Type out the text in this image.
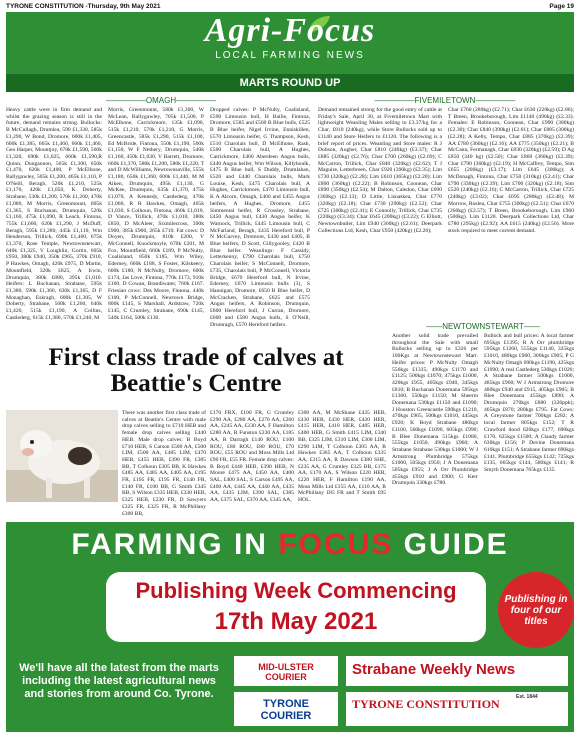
TYRONE CONSTITUTION -Thursday, 9th May 2021	Page 19
Agri-Focus
LOCAL FARMING NEWS
MARTS ROUND UP
—————OMAGH—————
Heavy cattle were in firm demand and whilst the grazing season is still in the future, demand remains strong. Bullocks: B McCullagh, Drumlea, 590 £1,330, 585k £1,290, W Bond, Dromore, 600k £1,405, 600k £1,385, 665k £1,460, 660k £1,460, Geo Harper, Mountjoy, 670k £1,590, 560k £1,320, 690k £1,625, 660k £1,590,R Quinn, Dungannon, 565k £1,300, 650k £1,470, 620k £1,400, P McElhone, Ballygawley, 505k £1,200, 465k £1,110, P O'Neill, Beragh, 520k £1,210, 525k £1,170, 420k £1,050, K Doherty, Strabane, 530k £1,200, 570k £1,260, 470k £1,080, M Morris, Greenmount, 605k £1,365, S Buchanan, Drumquin, 520k £1,160, 475k £1,090, R Leach, Fintona, 755k £1,660, 620k £1,290, J McDuff, Beragh, 595k £1,280, 445k £1,110, Wm Henderson, Trillick, 690k £1,460, 675k £1,370, Rose Temple, Newtownstewart, 640k £1,325, V Loughlin, Gortin, 605k £950, 380k £940, 350k £965, 370k £910, P Hawkes, Omagh, 420k £975, D Martin, Mountfield, 320k £825, A Irwin, Drumquin, 380k £880, 395k £1,010. Heifers: L Buchanan, Strabane, 595k £1,380, 590k £1,360, 630k £1,365, D F Monaghan, Eskragh, 600k £1,305, W Doherty, Strabane, 560k £1,260, 640k £1,420, 515k £1,190, A Collins, Castlederg, 615k £1,380, 570k £1,240, M
Morris, Greenmount, 580k £1,300, W McLean, Ballygawley, 705k £1,500, P McElhone, Carrickmore, 135k £1,090, 515k £1,210, 570k £1,210, G Morris, Greencastle, 585k £1,290, 515k £1,100, Ed McBride, Fintona, 550k £1,190, 500k £1,150, W F Nethery, Drumquin, 540k £1,160, 450k £1,030, V Barrett, Dromore, 660k £1,370, 580k £1,200, 580k £1,220, T and D McWilliams, Newtownsaville, 555k £1,180, 650k £1,360, 600k £1,440, M M Aiken, Drumquin, 495k £1,130, G McKee, Drumquin, 635k £1,370, 475k £1,070, A Kennedy, Castlederg, 470k £1,060, R R Hawkes, Omagh, 465k £1,030, S Colhoun, Fintona, 460k £1,010, D Vance, Trillick, 470k £1,010, 380k £850, D McAleer, Sixmilecross, 390k £900, 385k £900, 265k £710. Fat cows: D Doyen, Drumquin, 810k £200, V McConnell, Knockmoyle, 670k £201, M Fox, Mountfield, 660k £189, P McNulty, Coalisland, 850k £185, Wm Wiley, Ederney, 660k £188, S Foster, Kilskeery, 600k £180, N McNulty, Dromore, 600k £174, Jas Love, Fintona, 770k £173, 910k £160, D Cowan, Brandiwater, 760k £167. Friesian cows: Des Moore, Fintona, 440k £100, P McConnell, Newtown Bridge, 800k £145, S Marshall, Ardstraw, 720k £145, C Crumley, Strabane, 690k £145, 540k £164, 500k £130.
Dropped calves: P McNulty, Coalisland, £590 Limousin bull, H Bailie, Fintona, Dromore, £585 and £560 B Blue bulls, £525 B Blue heifer, Nigel Irvine, Enniskillen, £570 Limousin heifer, G Thompson, Kesh, £510 Charolais bull, D McElhone, Rash, £500 Charolais bull, A Hughes, Carrickmore, £460 Aberdeen Angus bulls, £440 Angus heifer, Wm Wilson, Killyhoulk, £475 B Blue bull, S Duddy, Drumlahan, £520 and £440 Charolais bulls, Mark Louise, Kesh, £475 Charolais bull, A Hughes, Carrickmore, £470 Limousin bull, K A Alcorn, Omagh, £460 and £455 Angus heifers, A Hughes, Dromore, £455 Simmental heifer, R Crossley, Strabane, £450 Angus bull, £430 Angus heifer, K Warnock, Trillick, £445 Limousin bull, C McFarland, Beragh, £435 Hereford bull, P N McGarvey, Dromore, £430 and £405, B Blue heifers, D Scott, Gillygooley, £420 B Blue heifer. Weanlings: F Cassidy, Letterkenny, £790 Charolais bull, £750 Charolais heifer, S McConnell, Dromore, £735, Charolais bull, P McConnell, Victoria Bridge, £670 Hereford bull, N Irvine, Ederney, £670 Limousin bulls (3), S Hannigan, Dromore, £650 B Blue heifer, D McCracken, Strabane, £625 and £575 Angus heifers, A Robinson, Drumquin, £600 Hereford bull, J Curran, Dromore, £600 and £580 Angus bulls, S O'Neill, Drumragh, £570 Hereford heifers.
—————FIVEMILETOWN—————
Demand remained strong for the good entry of cattle at Friday's Sale, April 30, at Fivemiletown Mart with lightweight Weanling Males selling to £3.37/kg for a Char, £810 (240kg), while Store Bullocks sold up to £1140 and Store Heifers to £1120. The following is a brief report of prices. Weanling and Store males: R J Dobson, Augher, Char £810 (240kg) (£3.37); Char £885 (320kg) (£2.76); Char £700 (260kg) (£2.69); C McCarron, Trillick, Char £840 (320kg) (£2.62); T J Maguire, Letterbreen, Char £920 (390kg) (£2.35); Lim £730 (320kg) (£2.28); Lim £610 (365kg) (£2.20); Lim £800 (360kg) (£2.22); B Robinson, Coonean, Char £890 (350kg) (£2.54); M Dalton, Caledon, Char £690 (360kg) (£2.13); D Little, Lisnaskea, Char £770 (320kg) (£2.18); Char £730 (290kg) (£2.52); Char £725 (300kg) (£2.41); E Connolly, Trillick, Char £735 (220kg) (£3.34); Char £645 (200kg) (£3.22); G Elliott, Newtownbutler, Lim £940 (360kg) (£2.61); Deerpark Collections Ltd, Kesh, Char £950 (420kg) (£2.26);
Char £760 (280kg) (£2.71); Char £630 (220kg) (£2.86); T Breen, Brookeborough, Lim £1140 (490kg) (£2.33). Females: E Robinson, Coonean, Char £990 (380kg) (£2.30); Char £840 (390kg) (£2.61); Char £885 (300kg) (£2.28); A Kelly, Tempo, Char £885 (370kg) (£2.39); AA £780 (360kg) (£2.16); AA £775 (350kg) (£2.21); B McCann, Fermanagh, Char £830 (320kg) (£2.59); D Ag £850 (340 kg) (£2.50); Char £860 (360kg) (£2.39); Char £790 (360kg) (£2.19); H McCaffrey, Tempo, Sim £655 (200kg) (£3.17); Lim £645 (300kg); A McDonagh, Fintona, Char £750 (310kg) (£2.41); Char £790 (330kg) (£2.39); Lim £700 (320kg) (£2.18); Sim £520 (240kg) (£2.16); C McCarron, Trillick, Char £725 (240kg) (£3.02); Char £695 (280kg) (£2.48); M Morrow, Roslea, Char £755 (300kg) (£2.51); Char £670 (260kg) (£2.57); T Breen, Brookeborough, Lim £960 (500kg). Lim £1120. Deerpark Collections Ltd, Char £780 (295kg) (£2.92); AA £615 (240kg) (£2.56). More stock required to meet current demand.
——NEWTOWNSTEWART——
Another solid trade prevailed throughout the Sale with small Bullocks selling up to £326 per 100Kgs at Newtownstewart Mart. Heifer prices: P McNulty Omagh 556kgs £1335, 490kgs £1170 and £1125; 500kgs £1070; 475kgs £1000, 420kgs £955, 405kgs £940, 345kgs £810; B Buchanan Donemana 595kgs £1360, 550kgs £1150; M Sheerin Donemana 530kgs £1150 and £1090; J Houston Greencastle 590kgs £1210, 470kgs £965, 500kgs £1010, 445kgs £920; K Boyd Strabane 480kgs £1100, 560kgs £1090, 605kgs £990; B Blee Donemana 515kgs £1080, 555kgs £1050, 490kgs £960; A Strabane Strabane 530kgs £1000; W J Armstrong Plumbridge 575kgs £1000, 505kgs £950; J A Donemana 505kgs £955; J A Orr Plumbridge 455kgs £910 and £900; G Kerr Drumquin 330kgs £780.
Bullock and bull prices: A local farmer 695kgs £1395; R A Orr plumbridge 595kgs £1260, 555kgs £1140, 325kgs £1010, 480kgs £960, 300kgs £905; P G McNulty Omagh 690kgs £1190, 425kgs £1090; A real Castlederg 530kgs £1020; A Strabane farmer 500kgs £1000, 485kgs £960; W J Armstrong Dromore 480kgs £940 and £915, 405kgs £905; B Blee Donemana 455kgs £890; A Drumquin 270kgs £880 (326ppk); 465kgs £870; 280kgs £795. Fat Cows: A Greystone farmer 700kgs £282; A local farmer 805kgs £152; T R Crawford dood 620kgs £177, 690kgs £170, 625kgs £1500; A Claudy farmer 630kgs £156; P Devine Donemana 610kgs £151; A Strabane farmer 690kgs £141, Plumbridge 655kgs £142; 725kgs £135, 665kgs £144, 580kgs £141; R Smyth Donemana 765kgs £135.
First class trade of calves at Beattie's Centre
There was another first class trade of calves at Beattie's Centre with male drop calves selling to £710 HEB and female drop calves selling £440 HEB. Male drop calves: B Boyd £710 HEB, S Carson £500 AA, £500 LIM, £500 AA, £485 LIM, £470 HEB, £455 HEB, £390 FR, £385 BB, T Colhoun £305 BB, K Hawkes £485 AA, £485 AA, £405 AA, £195 FR, £195 FR, £195 FR, £140 FR, £140 FR, £100 BB, G Smith £345 BB, S Wilson £335 HEB, £330 HEB, £325 HEB, £230 FR, D Sawyers £325 FR, £325 FR, R McPhillany £300 BB,
£170 FRX, £100 FR, G Crumley £290 AA, £280 AA, £270 AA, £260 AA, £245 AA, £230 AA, F Hamilton £280 AA, R Funston £230 AA, £185 AA, R Darragh £140 ROU, £100 ROU, £80 ROU, £80 ROU, £70 ROU, £55 ROU and Moss Mills Ltd £90 FR, £55 FR. Female drop calves: B Boyd £440 HEB, £390 HEB, N Moore £475 AA, £450 AA, £400 SAL, £400 SAL, S Carson £495 AA, £460 AA, £445 AA, £440 AA, £435 AA, £435 LIM, £390 SAL, £385 AA, £375 SAL, £370 AA, £345 AA,
£300 AA, M McShane £435 HEB, £430 HER, £430 HER, £420 HER, £415 HER, £410 HER, £405 HER, £400 HER, G Smith £415 LIM, £340 BB, £325 LIM, £310 LIM, £300 LIM, £290 LIM, T Colhoun £305 AA, R Hawkes £365 AA, T Colhoun £335 AA, £315 AA, R Dawson £380 SHE, £235 AA, G Crumley £325 BB, £175 AA, £170 AA, S Wilson £220 HER, £220 HER, F Hamilton £190 AA, Moss Mills Ltd £155 AA, £110 AA, R McPhillany £85 FR and T Smith £95 HOL.
FARMING IN FOCUS GUIDE
Publishing Week Commencing
17th May 2021
Publishing in four of our titles
We'll have all the latest from the marts including the latest agricultural news and stories from around Co. Tyrone.
MID-ULSTER COURIER	Strabane Weekly News
TYRONE COURIER
Est. 1844
TYRONE CONSTITUTION
